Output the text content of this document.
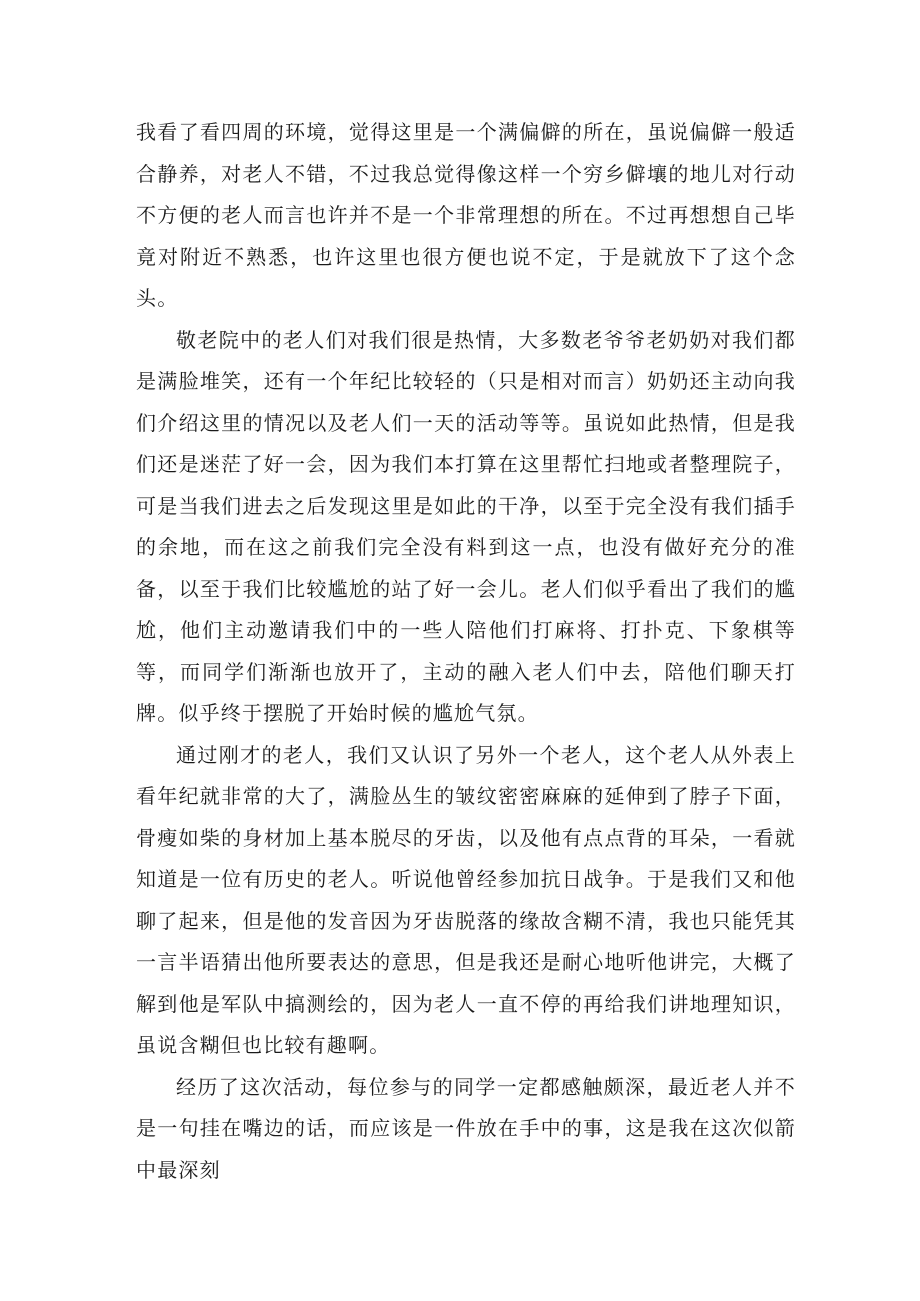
我看了看四周的环境，觉得这里是一个满偏僻的所在，虽说偏僻一般适合静养，对老人不错，不过我总觉得像这样一个穷乡僻壤的地儿对行动不方便的老人而言也许并不是一个非常理想的所在。不过再想想自己毕竟对附近不熟悉，也许这里也很方便也说不定，于是就放下了这个念头。

敬老院中的老人们对我们很是热情，大多数老爷爷老奶奶对我们都是满脸堆笑，还有一个年纪比较轻的（只是相对而言）奶奶还主动向我们介绍这里的情况以及老人们一天的活动等等。虽说如此热情，但是我们还是迷茫了好一会，因为我们本打算在这里帮忙扫地或者整理院子，可是当我们进去之后发现这里是如此的干净，以至于完全没有我们插手的余地，而在这之前我们完全没有料到这一点，也没有做好充分的准备，以至于我们比较尴尬的站了好一会儿。老人们似乎看出了我们的尴尬，他们主动邀请我们中的一些人陪他们打麻将、打扑克、下象棋等等，而同学们渐渐也放开了，主动的融入老人们中去，陪他们聊天打牌。似乎终于摆脱了开始时候的尴尬气氛。

通过刚才的老人，我们又认识了另外一个老人，这个老人从外表上看年纪就非常的大了，满脸丛生的皱纹密密麻麻的延伸到了脖子下面，骨瘦如柴的身材加上基本脱尽的牙齿，以及他有点点背的耳朵，一看就知道是一位有历史的老人。听说他曾经参加抗日战争。于是我们又和他聊了起来，但是他的发音因为牙齿脱落的缘故含糊不清，我也只能凭其一言半语猜出他所要表达的意思，但是我还是耐心地听他讲完，大概了解到他是军队中搞测绘的，因为老人一直不停的再给我们讲地理知识，虽说含糊但也比较有趣啊。

经历了这次活动，每位参与的同学一定都感触颇深，最近老人并不是一句挂在嘴边的话，而应该是一件放在手中的事，这是我在这次似箭中最深刻
